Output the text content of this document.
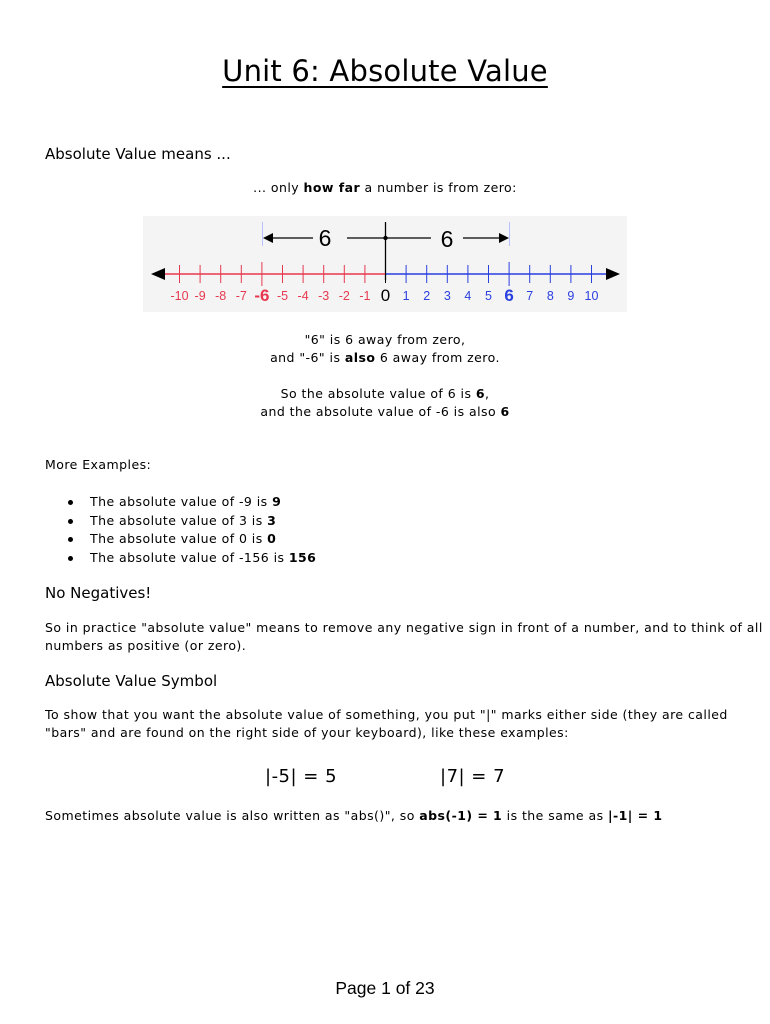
Unit 6: Absolute Value
Absolute Value means ...
... only how far a number is from zero:
6	6
-10 -9 -8 -7 -6 -5 -4 -3 -2 -1 0 1 2 3 4 5 6 7 8 9 10
"6" is 6 away from zero,
and "-6" is also 6 away from zero.
So the absolute value of 6 is 6,
and the absolute value of -6 is also 6
More Examples:
The absolute value of -9 is 9
The absolute value of 3 is 3
The absolute value of 0 is 0
The absolute value of -156 is 156
No Negatives!
So in practice "absolute value" means to remove any negative sign in front of a number, and to think of all
numbers as positive (or zero).
Absolute Value Symbol
To show that you want the absolute value of something, you put "|" marks either side (they are called
"bars" and are found on the right side of your keyboard), like these examples:
|-5| = 5	|7| = 7
Sometimes absolute value is also written as "abs()", so abs(-1) = 1 is the same as |-1| = 1
Page 1 of 23
